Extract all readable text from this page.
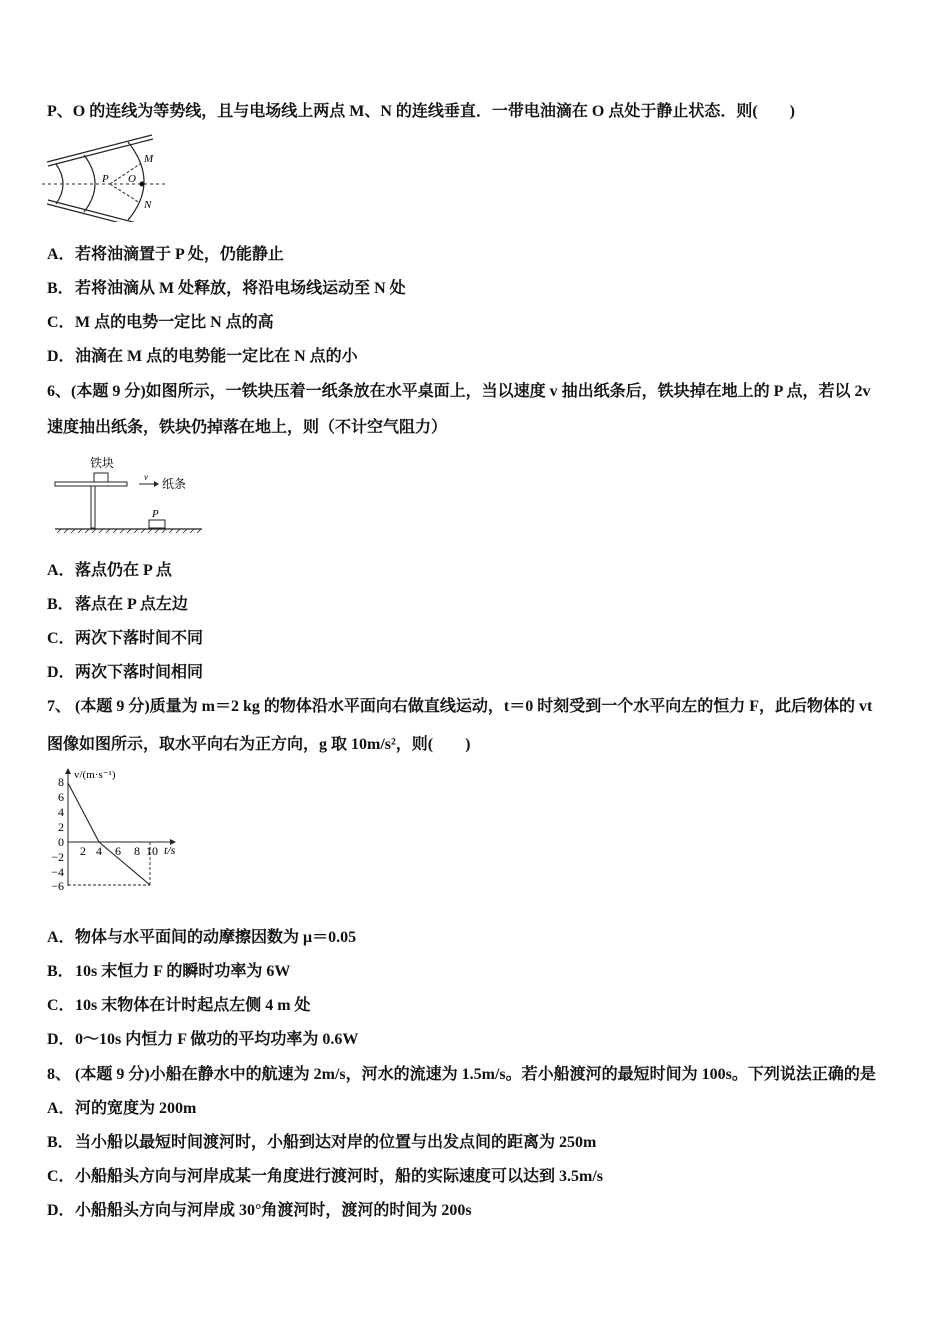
P、O 的连线为等势线，且与电场线上两点 M、N 的连线垂直．一带电油滴在 O 点处于静止状态．则(　　)
P O
M
N
A．若将油滴置于 P 处，仍能静止
B．若将油滴从 M 处释放，将沿电场线运动至 N 处
C．M 点的电势一定比 N 点的高
D．油滴在 M 点的电势能一定比在 N 点的小
6、(本题 9 分)如图所示，一铁块压着一纸条放在水平桌面上，当以速度 v 抽出纸条后，铁块掉在地上的 P 点，若以 2v
速度抽出纸条，铁块仍掉落在地上，则（不计空气阻力）
铁块
v 纸条
P
A．落点仍在 P 点
B．落点在 P 点左边
C．两次下落时间不同
D．两次下落时间相同
7、 (本题 9 分)质量为 m＝2 kg 的物体沿水平面向右做直线运动，t＝0 时刻受到一个水平向左的恒力 F，此后物体的 vt
图像如图所示，取水平向右为正方向，g 取 10m/s²，则(　　)
v/(m·s⁻¹)
t/s
8
6
4
2
0
−2
−4
−6
2 4 6 8 10
A．物体与水平面间的动摩擦因数为 μ＝0.05
B．10s 末恒力 F 的瞬时功率为 6W
C．10s 末物体在计时起点左侧 4 m 处
D．0～10s 内恒力 F 做功的平均功率为 0.6W
8、 (本题 9 分)小船在静水中的航速为 2m/s，河水的流速为 1.5m/s。若小船渡河的最短时间为 100s。下列说法正确的是
A．河的宽度为 200m
B．当小船以最短时间渡河时，小船到达对岸的位置与出发点间的距离为 250m
C．小船船头方向与河岸成某一角度进行渡河时，船的实际速度可以达到 3.5m/s
D．小船船头方向与河岸成 30°角渡河时，渡河的时间为 200s
